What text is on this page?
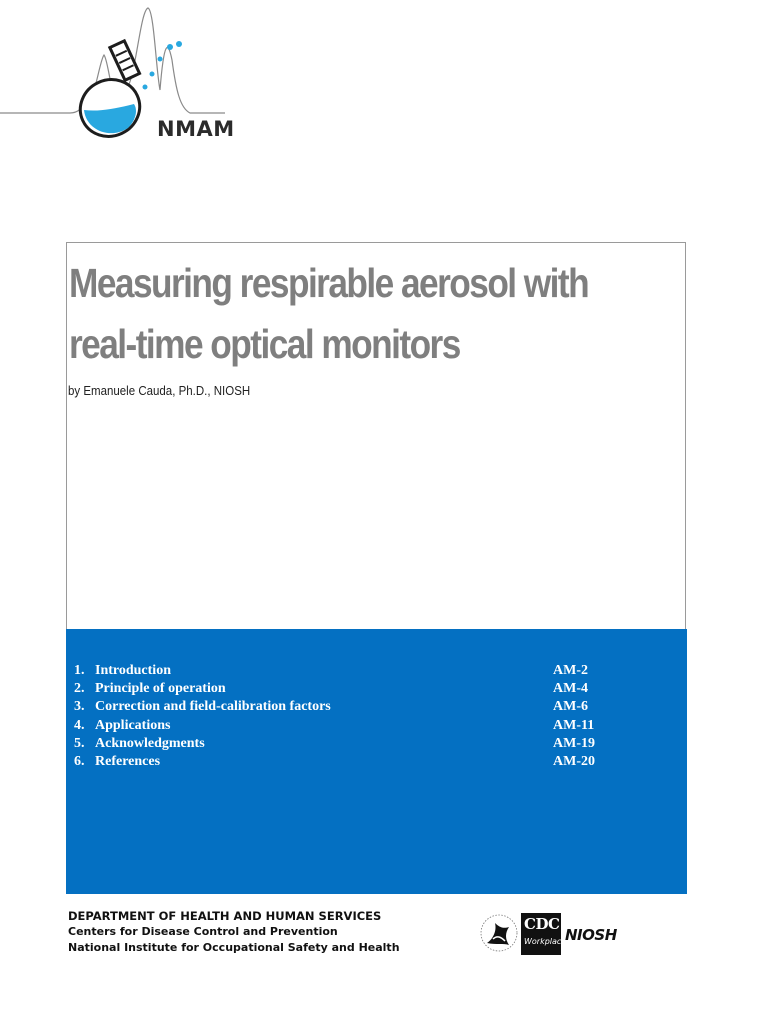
NMAM
Measuring respirable aerosol with
real-time optical monitors
by Emanuele Cauda, Ph.D., NIOSH
1. Introduction	AM-2
2. Principle of operation	AM-4
3. Correction and field-calibration factors	AM-6
4. Applications	AM-11
5. Acknowledgments	AM-19
6. References	AM-20
DEPARTMENT OF HEALTH AND HUMAN SERVICES
Centers for Disease Control and Prevention
National Institute for Occupational Safety and Health
CDC
Workplace
NIOSH
